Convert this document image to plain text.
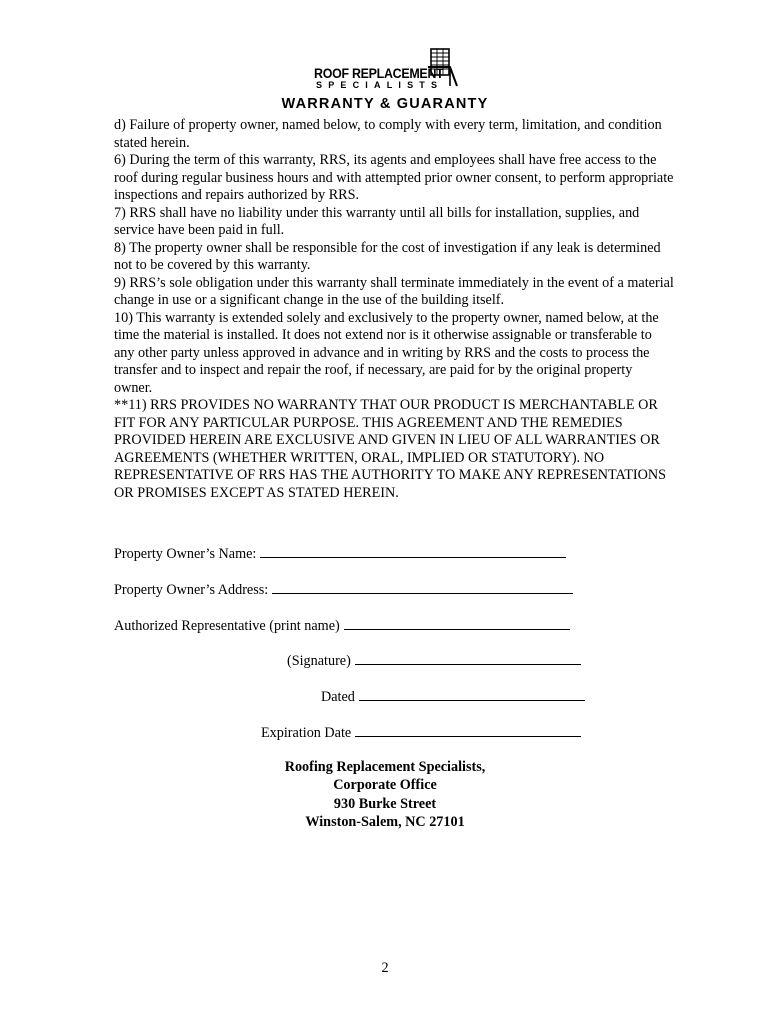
ROOF REPLACEMENT
SPECIALISTS
WARRANTY & GUARANTY

d) Failure of property owner, named below, to comply with every term, limitation, and condition stated herein.

6) During the term of this warranty, RRS, its agents and employees shall have free access to the roof during regular business hours and with attempted prior owner consent, to perform appropriate inspections and repairs authorized by RRS.

7) RRS shall have no liability under this warranty until all bills for installation, supplies, and service have been paid in full.

8) The property owner shall be responsible for the cost of investigation if any leak is determined not to be covered by this warranty.

9) RRS’s sole obligation under this warranty shall terminate immediately in the event of a material change in use or a significant change in the use of the building itself.

10) This warranty is extended solely and exclusively to the property owner, named below, at the time the material is installed. It does not extend nor is it otherwise assignable or transferable to any other party unless approved in advance and in writing by RRS and the costs to process the transfer and to inspect and repair the roof, if necessary, are paid for by the original property owner.

**11) RRS PROVIDES NO WARRANTY THAT OUR PRODUCT IS MERCHANTABLE OR FIT FOR ANY PARTICULAR PURPOSE. THIS AGREEMENT AND THE REMEDIES PROVIDED HEREIN ARE EXCLUSIVE AND GIVEN IN LIEU OF ALL WARRANTIES OR AGREEMENTS (WHETHER WRITTEN, ORAL, IMPLIED OR STATUTORY). NO REPRESENTATIVE OF RRS HAS THE AUTHORITY TO MAKE ANY REPRESENTATIONS OR PROMISES EXCEPT AS STATED HEREIN.

Property Owner’s Name:
Property Owner’s Address:
Authorized Representative (print name)
(Signature)
Dated
Expiration Date
Roofing Replacement Specialists,
Corporate Office
930 Burke Street
Winston-Salem, NC 27101
2
